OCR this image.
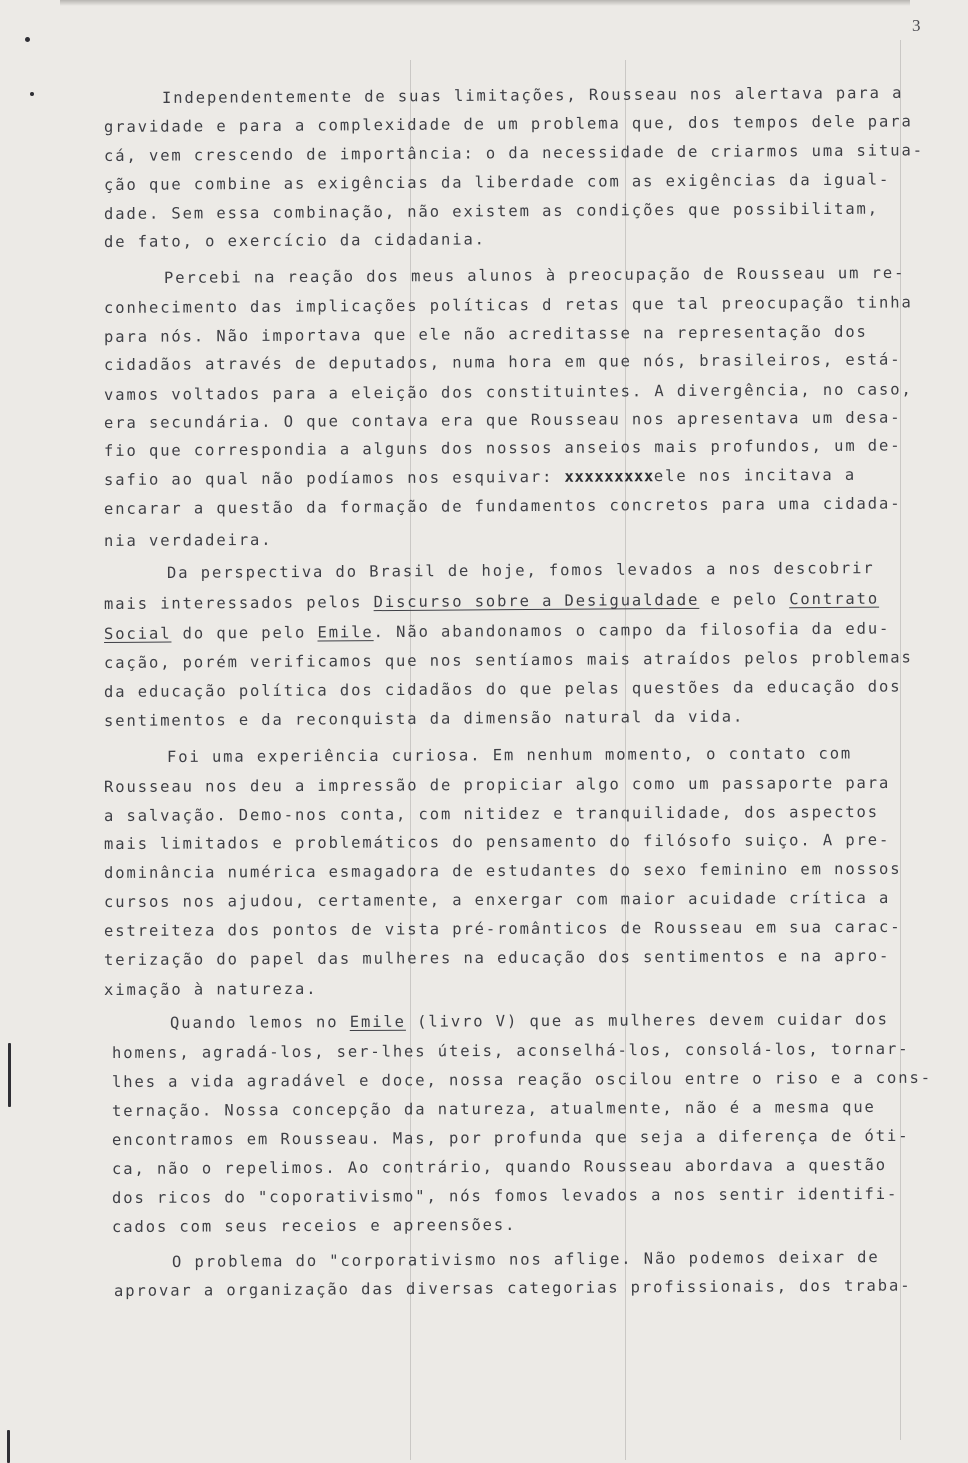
3
Independentemente de suas limitações, Rousseau nos alertava para a
gravidade e para a complexidade de um problema que, dos tempos dele para
cá, vem crescendo de importância: o da necessidade de criarmos uma situa-
ção que combine as exigências da liberdade com as exigências da igual-
dade. Sem essa combinação, não existem as condições que possibilitam,
de fato, o exercício da cidadania.
Percebi na reação dos meus alunos à preocupação de Rousseau um re-
conhecimento das implicações políticas d retas que tal preocupação tinha
para nós. Não importava que ele não acreditasse na representação dos
cidadãos através de deputados, numa hora em que nós, brasileiros, está-
vamos voltados para a eleição dos constituintes. A divergência, no caso,
era secundária. O que contava era que Rousseau nos apresentava um desa-
fio que correspondia a alguns dos nossos anseios mais profundos, um de-
safio ao qual não podíamos nos esquivar: xxxxxxxxxele nos incitava a
encarar a questão da formação de fundamentos concretos para uma cidada-
nia verdadeira.
Da perspectiva do Brasil de hoje, fomos levados a nos descobrir
mais interessados pelos Discurso sobre a Desigualdade e pelo Contrato
Social do que pelo Emile. Não abandonamos o campo da filosofia da edu-
cação, porém verificamos que nos sentíamos mais atraídos pelos problemas
da educação política dos cidadãos do que pelas questões da educação dos
sentimentos e da reconquista da dimensão natural da vida.
Foi uma experiência curiosa. Em nenhum momento, o contato com
Rousseau nos deu a impressão de propiciar algo como um passaporte para
a salvação. Demo-nos conta, com nitidez e tranquilidade, dos aspectos
mais limitados e problemáticos do pensamento do filósofo suiço. A pre-
dominância numérica esmagadora de estudantes do sexo feminino em nossos
cursos nos ajudou, certamente, a enxergar com maior acuidade crítica a
estreiteza dos pontos de vista pré-românticos de Rousseau em sua carac-
terização do papel das mulheres na educação dos sentimentos e na apro-
ximação à natureza.
Quando lemos no Emile (livro V) que as mulheres devem cuidar dos
homens, agradá-los, ser-lhes úteis, aconselhá-los, consolá-los, tornar-
lhes a vida agradável e doce, nossa reação oscilou entre o riso e a cons-
ternação. Nossa concepção da natureza, atualmente, não é a mesma que
encontramos em Rousseau. Mas, por profunda que seja a diferença de óti-
ca, não o repelimos. Ao contrário, quando Rousseau abordava a questão
dos ricos do "coporativismo", nós fomos levados a nos sentir identifi-
cados com seus receios e apreensões.
O problema do "corporativismo nos aflige. Não podemos deixar de
aprovar a organização das diversas categorias profissionais, dos traba-
